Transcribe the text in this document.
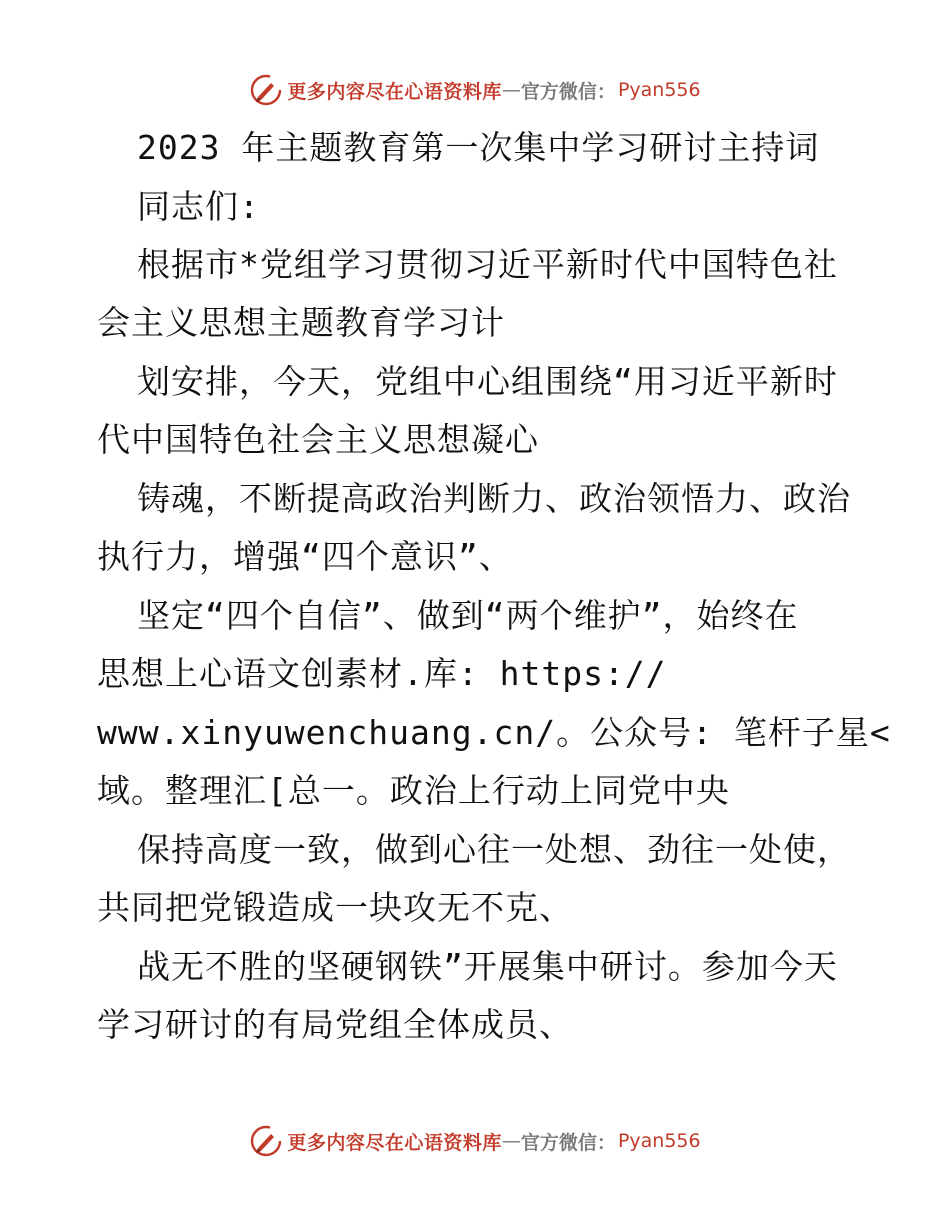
更多内容尽在心语资料库 — 官方微信： Pyan556
2023 年主题教育第一次集中学习研讨主持词
同志们:
根据市*党组学习贯彻习近平新时代中国特色社
会主义思想主题教育学习计
划安排，今天，党组中心组围绕“用习近平新时
代中国特色社会主义思想凝心
铸魂，不断提高政治判断力、政治领悟力、政治
执行力，增强“四个意识”、
坚定“四个自信”、做到“两个维护”，始终在
思想上心语文创素材.库: https://
www.xinyuwenchuang.cn/。公众号: 笔杆子星<
域。整理汇[总一。政治上行动上同党中央
保持高度一致，做到心往一处想、劲往一处使，
共同把党锻造成一块攻无不克、
战无不胜的坚硬钢铁”开展集中研讨。参加今天
学习研讨的有局党组全体成员、
更多内容尽在心语资料库 — 官方微信： Pyan556
